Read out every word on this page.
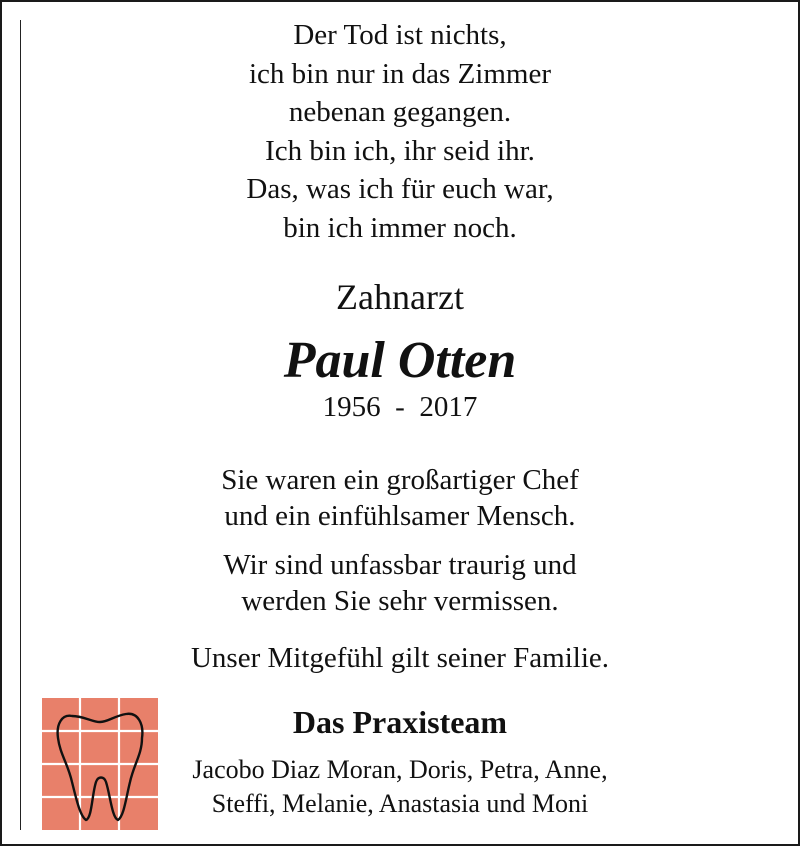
Der Tod ist nichts,
ich bin nur in das Zimmer
nebenan gegangen.
Ich bin ich, ihr seid ihr.
Das, was ich für euch war,
bin ich immer noch.
Zahnarzt
Paul Otten
1956  -  2017
Sie waren ein großartiger Chef
und ein einfühlsamer Mensch.
Wir sind unfassbar traurig und
werden Sie sehr vermissen.
Unser Mitgefühl gilt seiner Familie.
Das Praxisteam
Jacobo Diaz Moran, Doris, Petra, Anne,
Steffi, Melanie, Anastasia und Moni
